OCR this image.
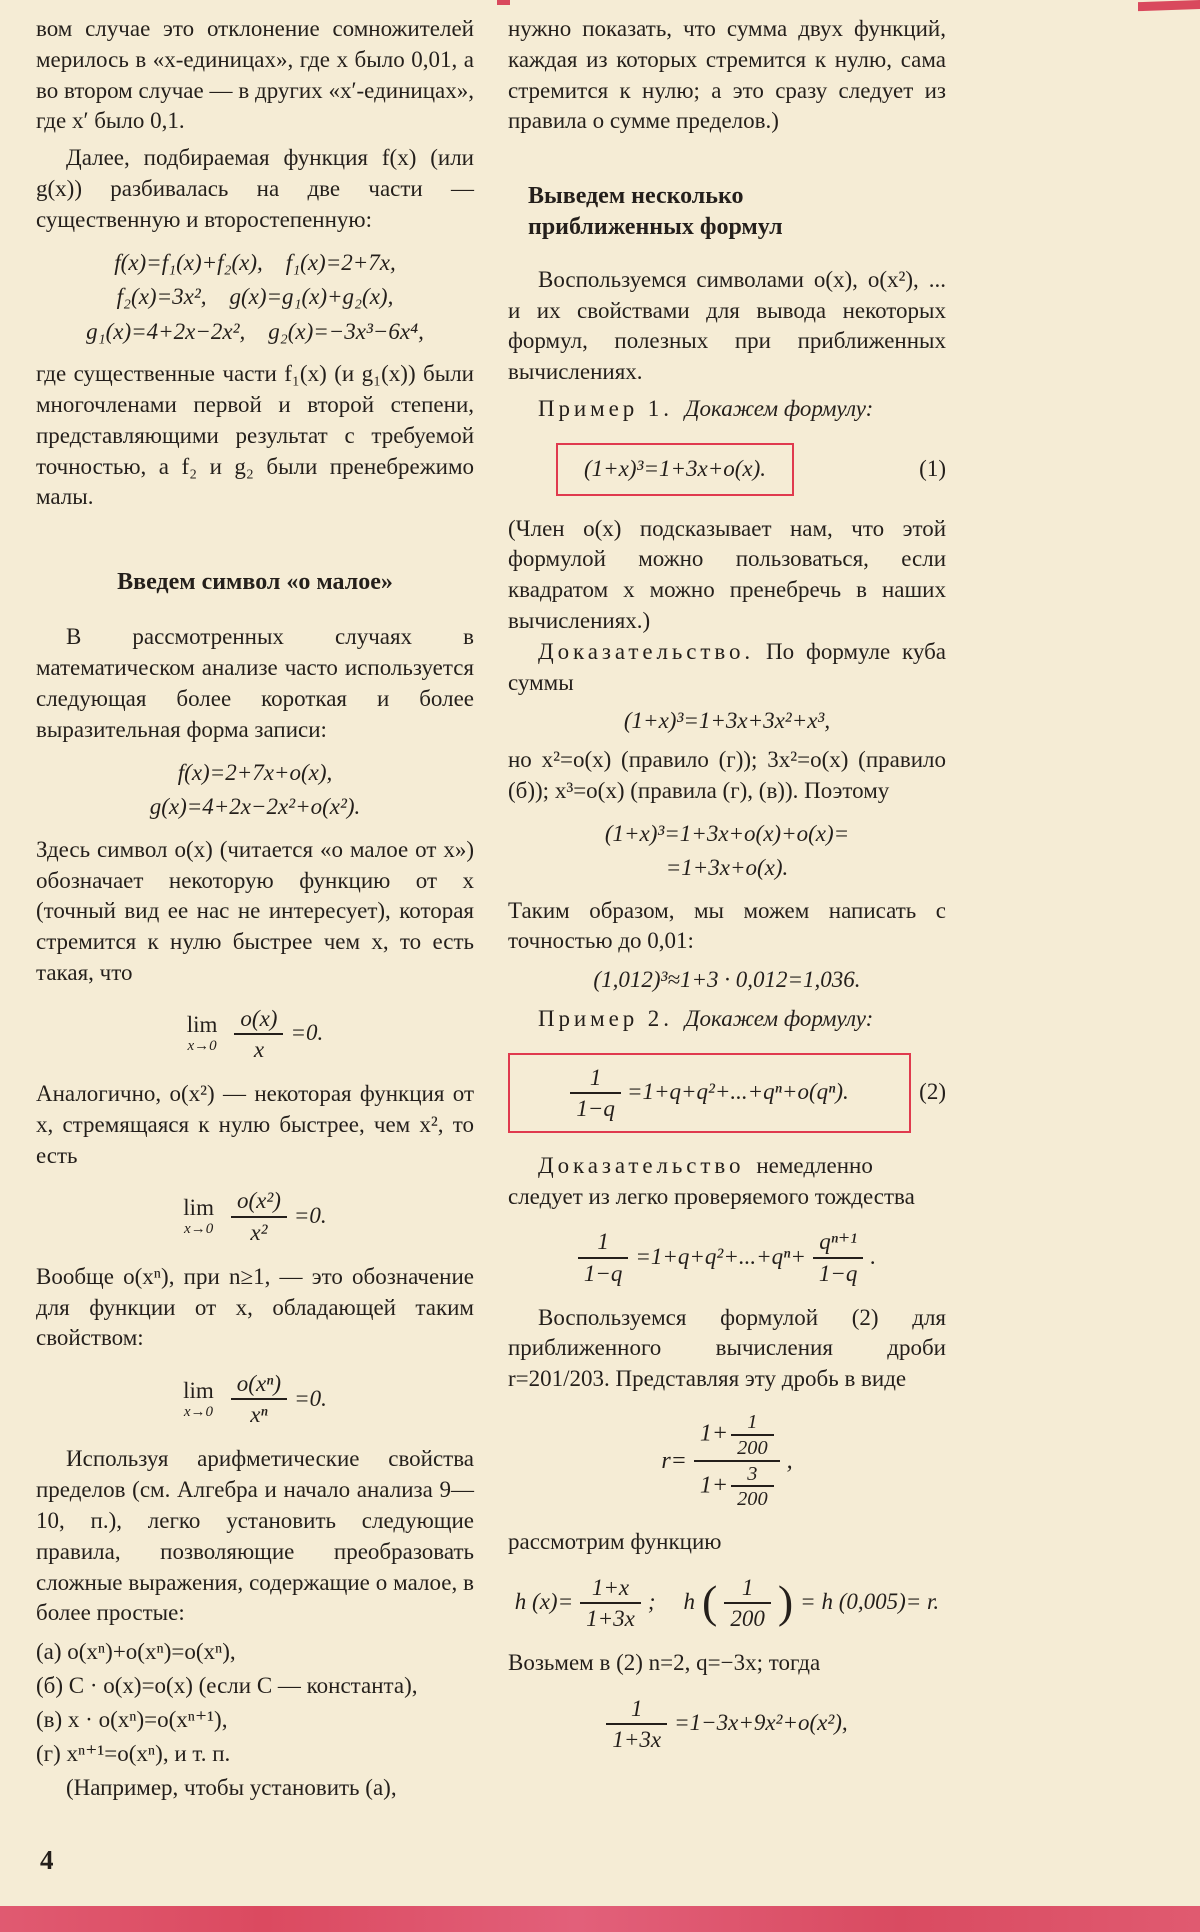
вом случае это отклонение сомножителей мерилось в «x-единицах», где x было 0,01, а во втором случае — в других «x′-единицах», где x′ было 0,1.

Далее, подбираемая функция f(x) (или g(x)) разбивалась на две части — существенную и второстепенную:

f(x)=f₁(x)+f₂(x), f₁(x)=2+7x,
f₂(x)=3x², g(x)=g₁(x)+g₂(x),
g₁(x)=4+2x−2x², g₂(x)=−3x³−6x⁴,

где существенные части f₁(x) (и g₁(x)) были многочленами первой и второй степени, представляющими результат с требуемой точностью, а f₂ и g₂ были пренебрежимо малы.

Введем символ «о малое»

В рассмотренных случаях в математическом анализе часто используется следующая более короткая и более выразительная форма записи:

f(x)=2+7x+o(x),
g(x)=4+2x−2x²+o(x²).

Здесь символ o(x) (читается «о малое от x») обозначает некоторую функцию от x (точный вид ее нас не интересует), которая стремится к нулю быстрее чем x, то есть такая, что

lim
$x\to 0 \frac{o(x)}{x} =0$.

Аналогично, o(x²) — некоторая функция от x, стремящаяся к нулю быстрее, чем x², то есть

lim
$x\to 0 \frac{\text{o(x²)}}{\text{x²}} =0$.

Вообще o(xⁿ), при n≥1, — это обозначение для функции от x, обладающей таким свойством:

lim
$x\to 0 \frac{\text{o(xⁿ)}}{\text{xⁿ}} =0$.

Используя арифметические свойства пределов (см. Алгебра и начало анализа 9—10, п.), легко установить следующие правила, позволяющие преобразовать сложные выражения, содержащие о малое, в более простые:

(а) o(xⁿ)+o(xⁿ)=o(xⁿ),

(б) C · o(x)=o(x) (если C — константа),

(в) x · o(xⁿ)=o(xⁿ⁺¹),

(г) xⁿ⁺¹=o(xⁿ), и т. п.

(Например, чтобы установить (а),

нужно показать, что сумма двух функций, каждая из которых стремится к нулю, сама стремится к нулю; а это сразу следует из правила о сумме пределов.)

Выведем несколько
приближенных формул

Воспользуемся символами o(x), o(x²), ... и их свойствами для вывода некоторых формул, полезных при приближенных вычислениях.

Пример 1. Докажем формулу:

(1+x)³=1+3x+o(x).	(1)

(Член o(x) подсказывает нам, что этой формулой можно пользоваться, если квадратом x можно пренебречь в наших вычислениях.)

Доказательство. По формуле куба суммы

(1+x)³=1+3x+3x²+x³,

но x²=o(x) (правило (г)); 3x²=o(x) (правило (б)); x³=o(x) (правила (г), (в)). Поэтому

(1+x)³=1+3x+o(x)+o(x)=
=1+3x+o(x).

Таким образом, мы можем написать с точностью до 0,01:

(1,012)³≈1+3 · 0,012=1,036.

Пример 2. Докажем формулу:

$\frac{1}{1-q} =1+q+q^2+...+q^n+o(q^n)$.	(2)

Доказательство немедленно следует из легко проверяемого тождества

$\frac{1}{1-q} =1+q+q^2+...+q^n+ \frac{\text{qⁿ⁺¹}}{1-q}$ .

Воспользуемся формулой (2) для приближенного вычисления дроби r=201/203. Представляя эту дробь в виде

$r= \frac{1+ \frac{1}{200}}{1+ \frac{3}{200}}$ ,

рассмотрим функцию

h $(x)= \frac{1+x}{1+3x}$ ; h ( $\frac{1}{200}$ ) = h (0,005)= r.

Возьмем в (2) n=2, q=−3x; тогда

$\frac{1}{1+3x} =1-3x+9x^2+o(x^2)$,
4
